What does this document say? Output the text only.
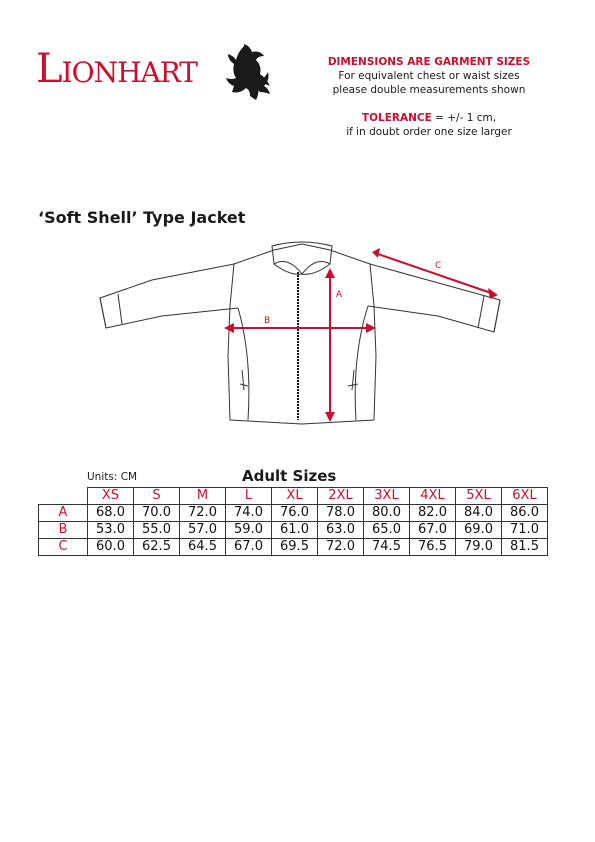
Lionhart	DIMENSIONS ARE GARMENT SIZES
For equivalent chest or waist sizes
please double measurements shown
TOLERANCE = +/- 1 cm,
if in doubt order one size larger
‘Soft Shell’ Type Jacket
A
B
C
Units: CM	Adult Sizes
	XS	S	M	L	XL	2XL	3XL	4XL	5XL	6XL
A	68.0	70.0	72.0	74.0	76.0	78.0	80.0	82.0	84.0	86.0
B	53.0	55.0	57.0	59.0	61.0	63.0	65.0	67.0	69.0	71.0
C	60.0	62.5	64.5	67.0	69.5	72.0	74.5	76.5	79.0	81.5
